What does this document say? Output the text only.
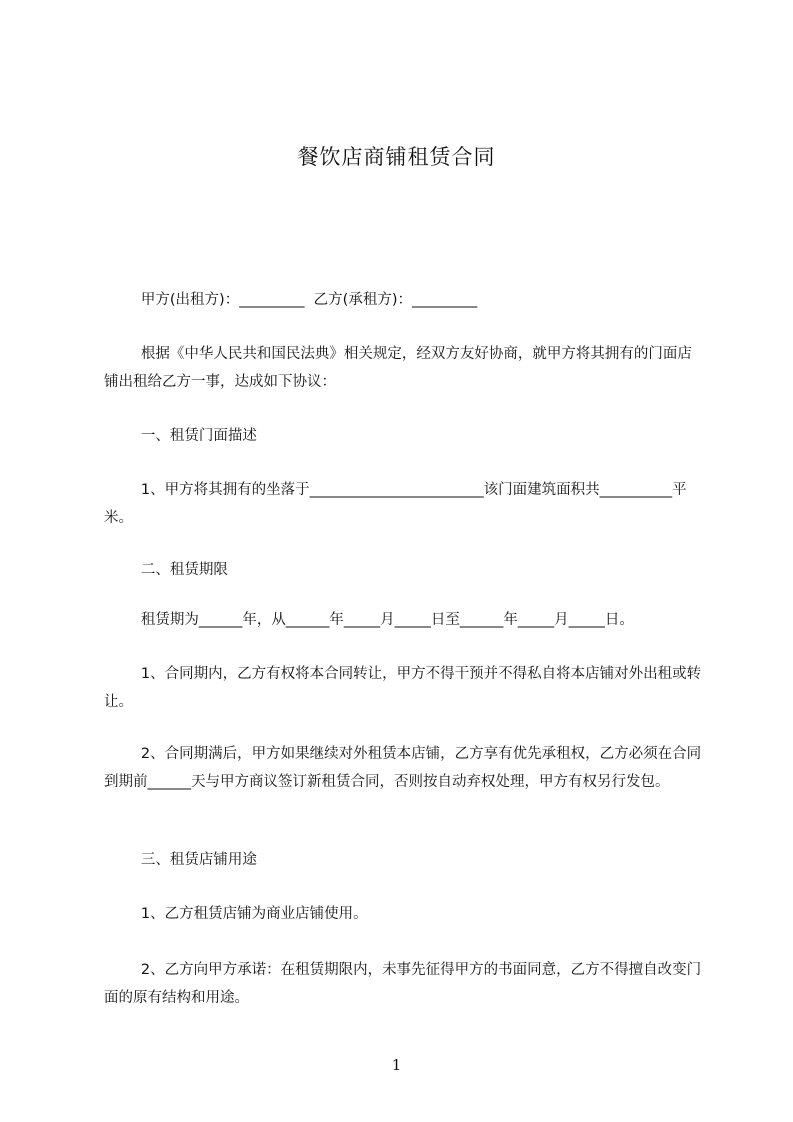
餐饮店商铺租赁合同
甲方(出租方)：_________  乙方(承租方)：_________
根据《中华人民共和国民法典》相关规定，经双方友好协商，就甲方将其拥有的门面店铺出租给乙方一事，达成如下协议：
一、租赁门面描述
1、甲方将其拥有的坐落于________________________该门面建筑面积共__________平米。
二、租赁期限
租赁期为______年，从______年_____月_____日至______年_____月_____日。
1、合同期内，乙方有权将本合同转让，甲方不得干预并不得私自将本店铺对外出租或转让。
2、合同期满后，甲方如果继续对外租赁本店铺，乙方享有优先承租权，乙方必须在合同到期前______天与甲方商议签订新租赁合同，否则按自动弃权处理，甲方有权另行发包。
三、租赁店铺用途
1、乙方租赁店铺为商业店铺使用。
2、乙方向甲方承诺：在租赁期限内，未事先征得甲方的书面同意，乙方不得擅自改变门面的原有结构和用途。
1
